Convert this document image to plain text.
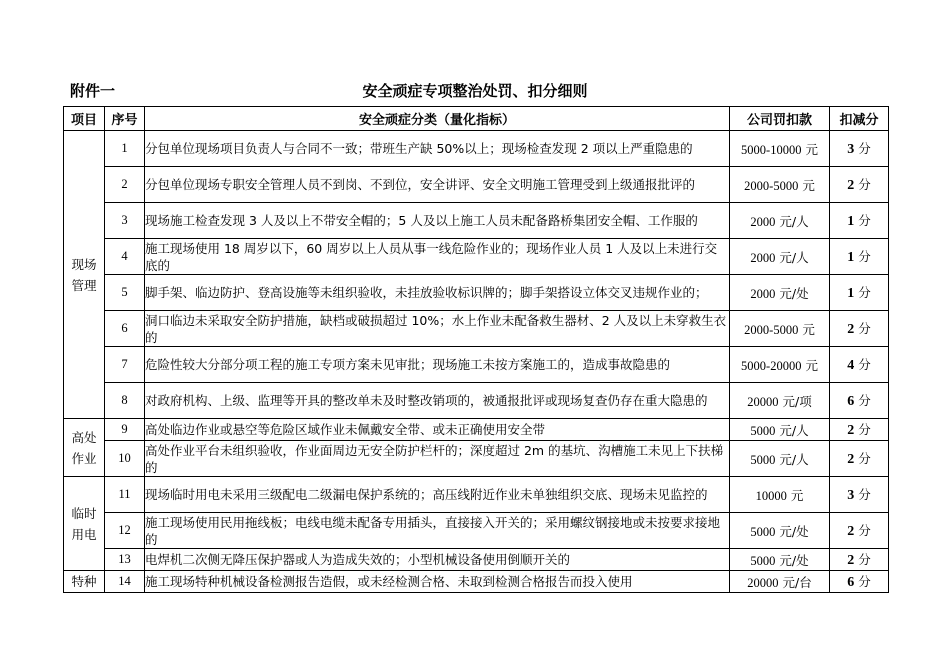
附件一	安全顽症专项整治处罚、扣分细则
项目	序号	安全顽症分类（量化指标）	公司罚扣款	扣减分
现场
管理	1	分包单位现场项目负责人与合同不一致；带班生产缺 50%以上；现场检查发现 2 项以上严重隐患的	5000-10000 元	3 分
	2	分包单位现场专职安全管理人员不到岗、不到位，安全讲评、安全文明施工管理受到上级通报批评的	2000-5000 元	2 分
	3	现场施工检查发现 3 人及以上不带安全帽的；5 人及以上施工人员未配备路桥集团安全帽、工作服的	2000 元/人	1 分
	4	施工现场使用 18 周岁以下，60 周岁以上人员从事一线危险作业的；现场作业人员 1 人及以上未进行交底的	2000 元/人	1 分
	5	脚手架、临边防护、登高设施等未组织验收，未挂放验收标识牌的；脚手架搭设立体交叉违规作业的；	2000 元/处	1 分
	6	洞口临边未采取安全防护措施，缺档或破损超过 10%；水上作业未配备救生器材、2 人及以上未穿救生衣的	2000-5000 元	2 分
	7	危险性较大分部分项工程的施工专项方案未见审批；现场施工未按方案施工的，造成事故隐患的	5000-20000 元	4 分
	8	对政府机构、上级、监理等开具的整改单未及时整改销项的，被通报批评或现场复查仍存在重大隐患的	20000 元/项	6 分
高处
作业	9	高处临边作业或悬空等危险区域作业未佩戴安全带、或未正确使用安全带	5000 元/人	2 分
	10	高处作业平台未组织验收，作业面周边无安全防护栏杆的；深度超过 2m 的基坑、沟槽施工未见上下扶梯的	5000 元/人	2 分
临时
用电	11	现场临时用电未采用三级配电二级漏电保护系统的；高压线附近作业未单独组织交底、现场未见监控的	10000 元	3 分
	12	施工现场使用民用拖线板；电线电缆未配备专用插头，直接接入开关的；采用螺纹钢接地或未按要求接地的	5000 元/处	2 分
	13	电焊机二次侧无降压保护器或人为造成失效的；小型机械设备使用倒顺开关的	5000 元/处	2 分
特种	14	施工现场特种机械设备检测报告造假，或未经检测合格、未取到检测合格报告而投入使用	20000 元/台	6 分
